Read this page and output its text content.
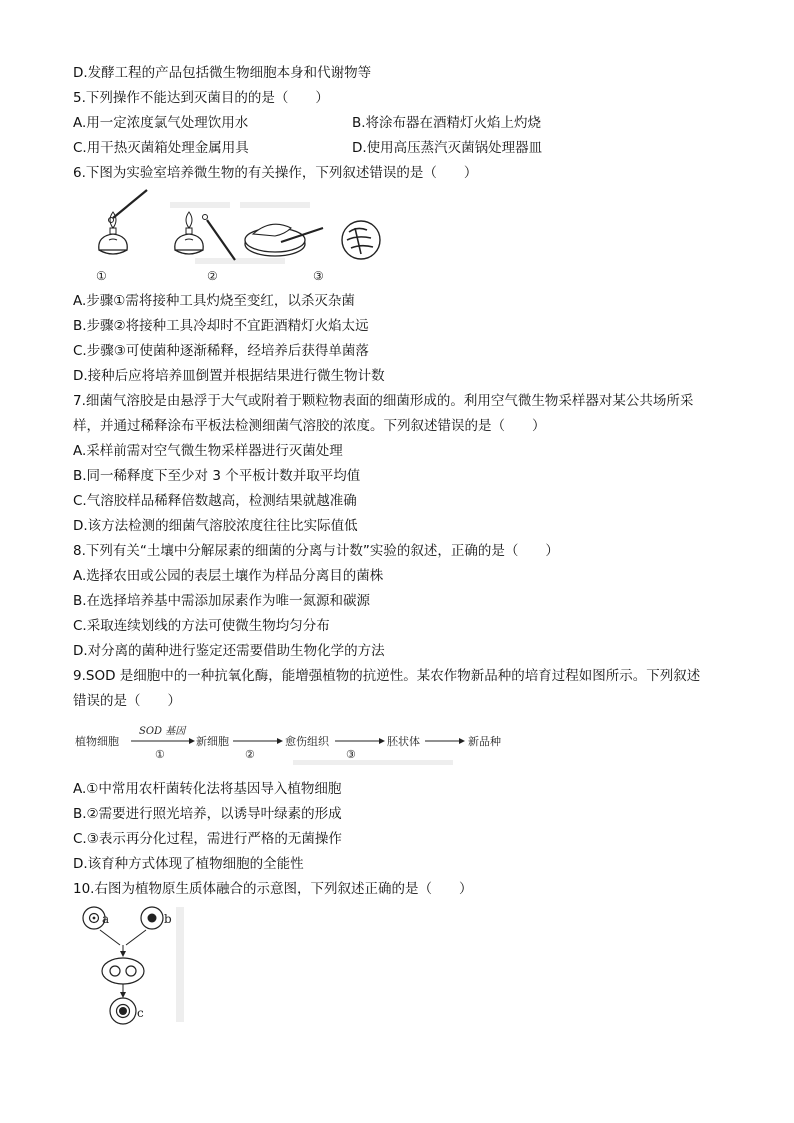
D.发酵工程的产品包括微生物细胞本身和代谢物等
5.下列操作不能达到灭菌目的的是（　　）
A.用一定浓度氯气处理饮用水	B.将涂布器在酒精灯火焰上灼烧
C.用干热灭菌箱处理金属用具	D.使用高压蒸汽灭菌锅处理器皿
6.下图为实验室培养微生物的有关操作，下列叙述错误的是（　　）
①	②	③
A.步骤①需将接种工具灼烧至变红，以杀灭杂菌
B.步骤②将接种工具冷却时不宜距酒精灯火焰太远
C.步骤③可使菌种逐渐稀释，经培养后获得单菌落
D.接种后应将培养皿倒置并根据结果进行微生物计数
7.细菌气溶胶是由悬浮于大气或附着于颗粒物表面的细菌形成的。利用空气微生物采样器对某公共场所采
样，并通过稀释涂布平板法检测细菌气溶胶的浓度。下列叙述错误的是（　　）
A.采样前需对空气微生物采样器进行灭菌处理
B.同一稀释度下至少对 3 个平板计数并取平均值
C.气溶胶样品稀释倍数越高，检测结果就越准确
D.该方法检测的细菌气溶胶浓度往往比实际值低
8.下列有关“土壤中分解尿素的细菌的分离与计数”实验的叙述，正确的是（　　）
A.选择农田或公园的表层土壤作为样品分离目的菌株
B.在选择培养基中需添加尿素作为唯一氮源和碳源
C.采取连续划线的方法可使微生物均匀分布
D.对分离的菌种进行鉴定还需要借助生物化学的方法
9.SOD 是细胞中的一种抗氧化酶，能增强植物的抗逆性。某农作物新品种的培育过程如图所示。下列叙述
错误的是（　　）
植物细胞
SOD 基因
①
新细胞
②
愈伤组织
③
胚状体	新品种
A.①中常用农杆菌转化法将基因导入植物细胞
B.②需要进行照光培养，以诱导叶绿素的形成
C.③表示再分化过程，需进行严格的无菌操作
D.该育种方式体现了植物细胞的全能性
10.右图为植物原生质体融合的示意图，下列叙述正确的是（　　）
a	b
c
